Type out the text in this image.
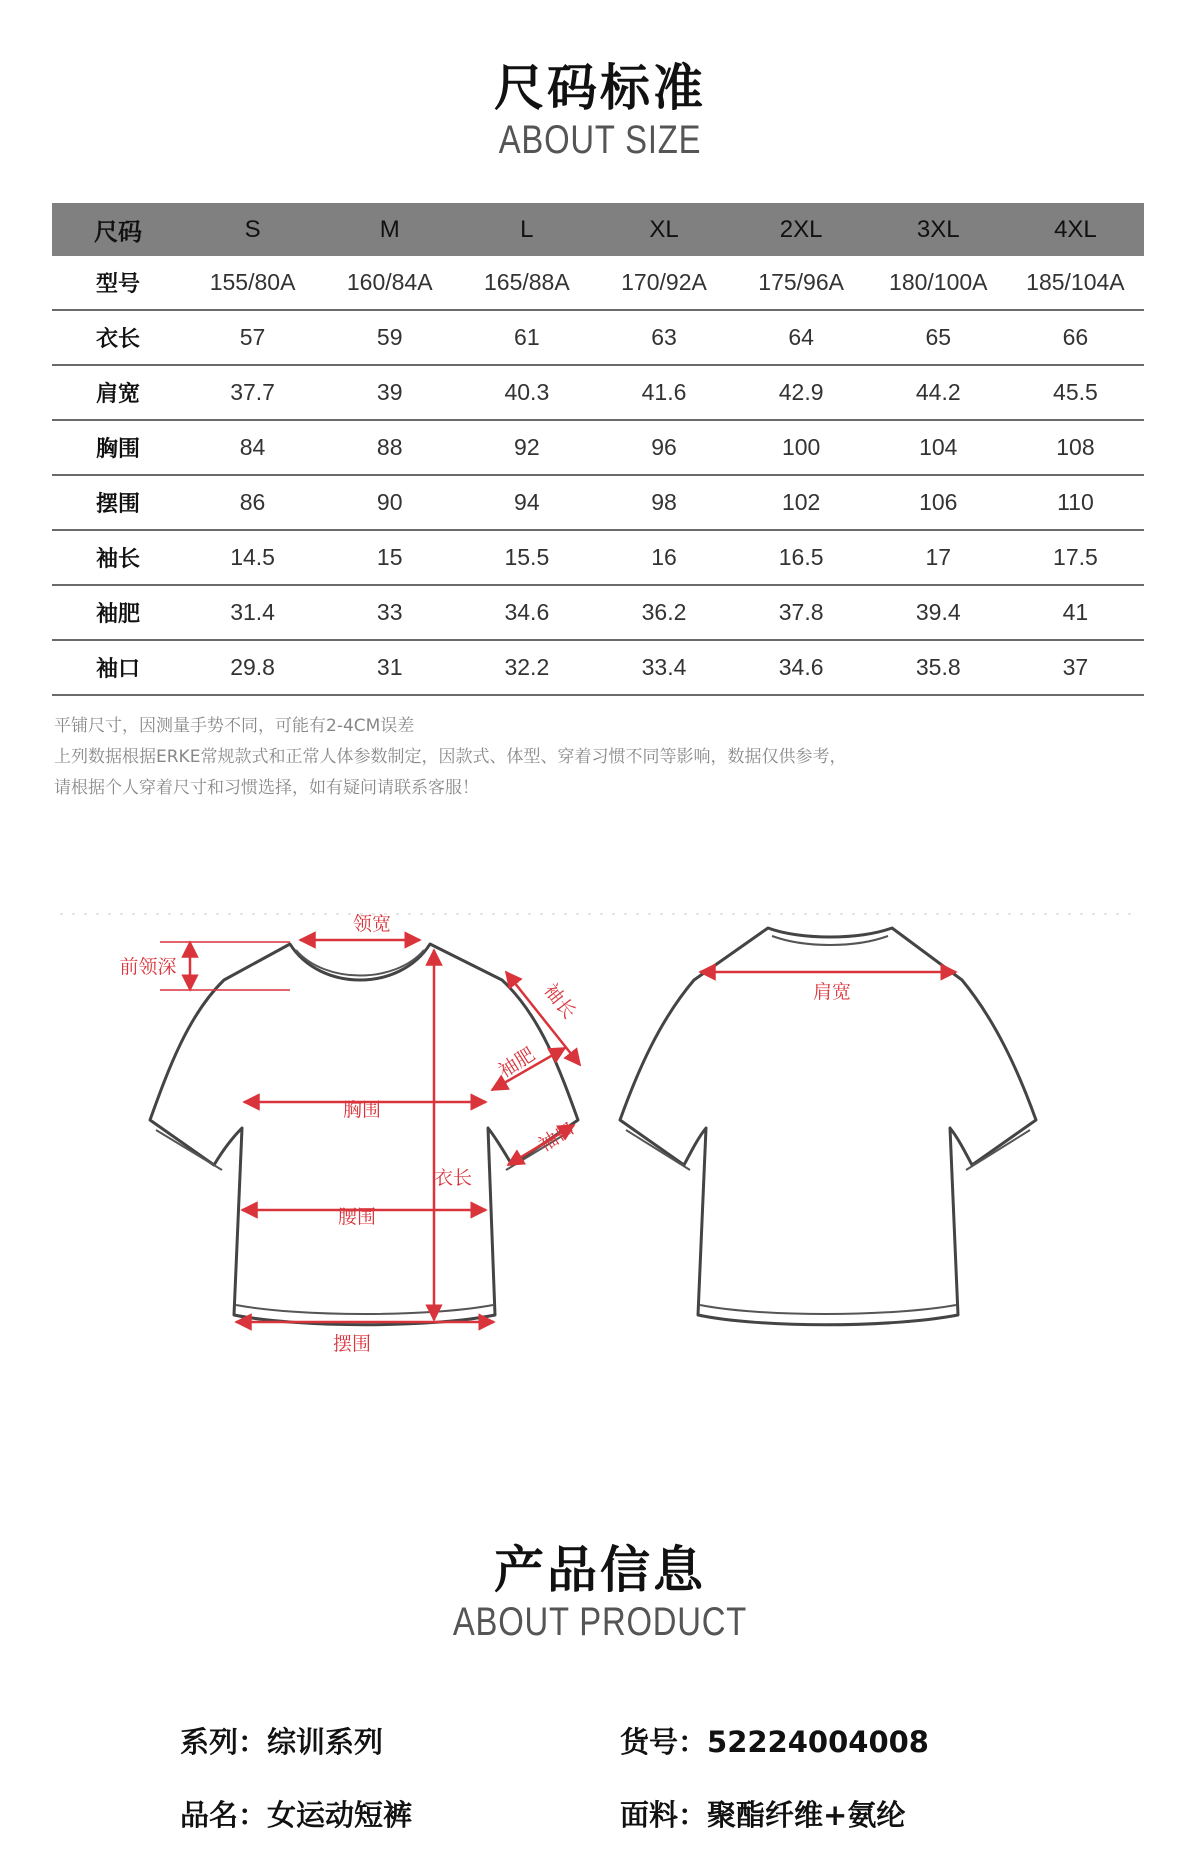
尺码标准
ABOUT SIZE
尺码	S	M	L	XL	2XL	3XL	4XL
型号	155/80A	160/84A	165/88A	170/92A	175/96A	180/100A	185/104A
衣长	57	59	61	63	64	65	66
肩宽	37.7	39	40.3	41.6	42.9	44.2	45.5
胸围	84	88	92	96	100	104	108
摆围	86	90	94	98	102	106	110
袖长	14.5	15	15.5	16	16.5	17	17.5
袖肥	31.4	33	34.6	36.2	37.8	39.4	41
袖口	29.8	31	32.2	33.4	34.6	35.8	37
平铺尺寸，因测量手势不同，可能有2-4CM误差
上列数据根据ERKE常规款式和正常人体参数制定，因款式、体型、穿着习惯不同等影响，数据仅供参考，
请根据个人穿着尺寸和习惯选择，如有疑问请联系客服！
领宽
前领深
袖长
袖肥
袖口
胸围
衣长
腰围
摆围
肩宽
产品信息
ABOUT PRODUCT
系列：综训系列	货号：52224004008
品名：女运动短裤	面料：聚酯纤维+氨纶
